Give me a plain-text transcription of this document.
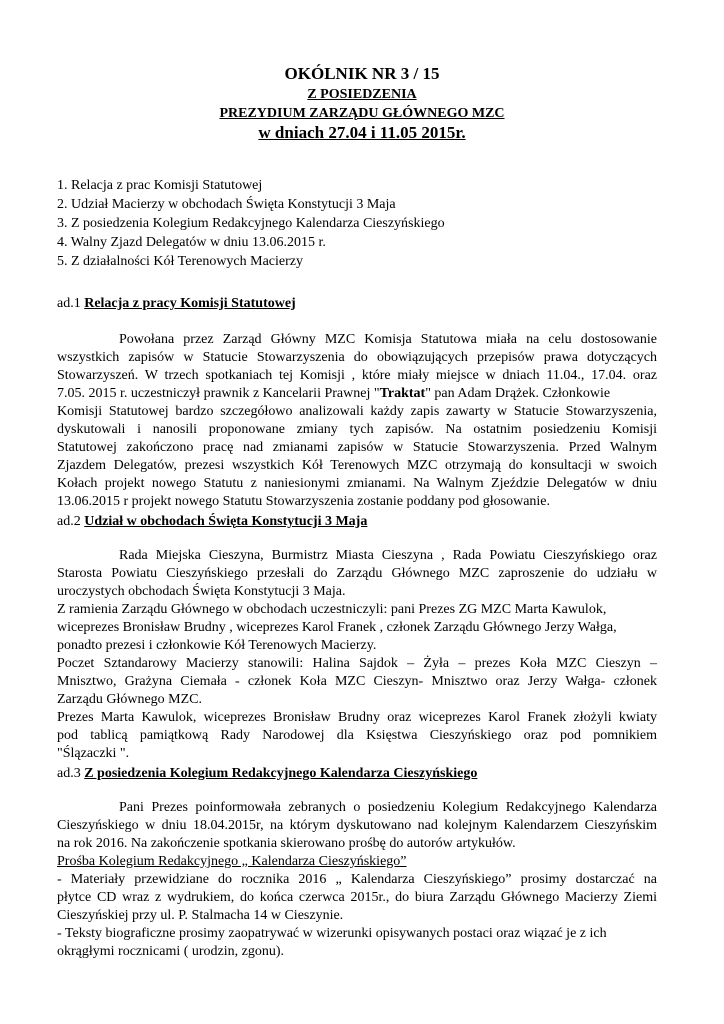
OKÓLNIK NR 3 / 15
Z POSIEDZENIA
PREZYDIUM ZARZĄDU GŁÓWNEGO MZC
w dniach 27.04 i 11.05 2015r.
1. Relacja z prac Komisji Statutowej
2. Udział Macierzy w obchodach Święta Konstytucji 3 Maja
3. Z posiedzenia Kolegium Redakcyjnego Kalendarza Cieszyńskiego
4. Walny Zjazd Delegatów w dniu 13.06.2015 r.
5. Z działalności Kół Terenowych Macierzy
ad.1 Relacja z pracy Komisji Statutowej
Powołana przez Zarząd Główny MZC Komisja Statutowa miała na celu dostosowanie
wszystkich zapisów w Statucie Stowarzyszenia do obowiązujących przepisów prawa dotyczących
Stowarzyszeń. W trzech spotkaniach tej Komisji , które miały miejsce w dniach 11.04., 17.04. oraz
7.05. 2015 r. uczestniczył prawnik z Kancelarii Prawnej "Traktat" pan Adam Drążek. Członkowie
Komisji Statutowej bardzo szczegółowo analizowali każdy zapis zawarty w Statucie Stowarzyszenia,
dyskutowali i nanosili proponowane zmiany tych zapisów. Na ostatnim posiedzeniu Komisji
Statutowej zakończono pracę nad zmianami zapisów w Statucie Stowarzyszenia. Przed Walnym
Zjazdem Delegatów, prezesi wszystkich Kół Terenowych MZC otrzymają do konsultacji w swoich
Kołach projekt nowego Statutu z naniesionymi zmianami. Na Walnym Zjeździe Delegatów w dniu
13.06.2015 r projekt nowego Statutu Stowarzyszenia zostanie poddany pod głosowanie.
ad.2 Udział w obchodach Święta Konstytucji 3 Maja
Rada Miejska Cieszyna, Burmistrz Miasta Cieszyna , Rada Powiatu Cieszyńskiego oraz
Starosta Powiatu Cieszyńskiego przesłali do Zarządu Głównego MZC zaproszenie do udziału w
uroczystych obchodach Święta Konstytucji 3 Maja.
Z ramienia Zarządu Głównego w obchodach uczestniczyli: pani Prezes ZG MZC Marta Kawulok,
wiceprezes Bronisław Brudny , wiceprezes Karol Franek , członek Zarządu Głównego Jerzy Wałga,
ponadto prezesi i członkowie Kół Terenowych Macierzy.
Poczet Sztandarowy Macierzy stanowili: Halina Sajdok – Żyła – prezes Koła MZC Cieszyn –
Mnisztwo, Grażyna Ciemała - członek Koła MZC Cieszyn- Mnisztwo oraz Jerzy Wałga- członek
Zarządu Głównego MZC.
Prezes Marta Kawulok, wiceprezes Bronisław Brudny oraz wiceprezes Karol Franek złożyli kwiaty
pod tablicą pamiątkową Rady Narodowej dla Księstwa Cieszyńskiego oraz pod pomnikiem
"Ślązaczki ".
ad.3 Z posiedzenia Kolegium Redakcyjnego Kalendarza Cieszyńskiego
Pani Prezes poinformowała zebranych o posiedzeniu Kolegium Redakcyjnego Kalendarza
Cieszyńskiego w dniu 18.04.2015r, na którym dyskutowano nad kolejnym Kalendarzem Cieszyńskim
na rok 2016. Na zakończenie spotkania skierowano prośbę do autorów artykułów.
Prośba Kolegium Redakcyjnego „ Kalendarza Cieszyńskiego”
- Materiały przewidziane do rocznika 2016 „ Kalendarza Cieszyńskiego” prosimy dostarczać na
płytce CD wraz z wydrukiem, do końca czerwca 2015r., do biura Zarządu Głównego Macierzy Ziemi
Cieszyńskiej przy ul. P. Stalmacha 14 w Cieszynie.
- Teksty biograficzne prosimy zaopatrywać w wizerunki opisywanych postaci oraz wiązać je z ich
okrągłymi rocznicami ( urodzin, zgonu).
